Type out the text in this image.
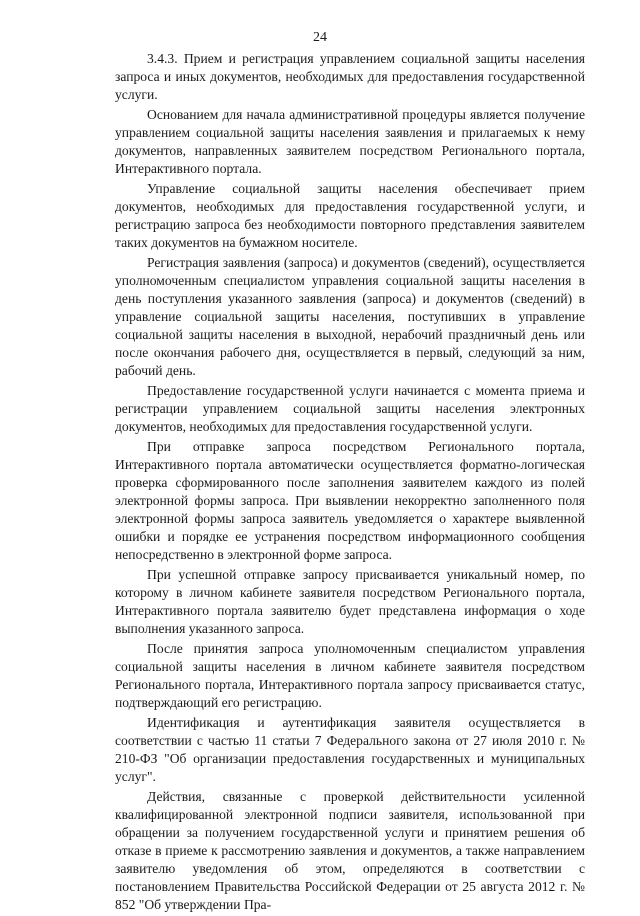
24

3.4.3. Прием и регистрация управлением социальной защиты населения запроса и иных документов, необходимых для предоставления государственной услуги.

Основанием для начала административной процедуры является получение управлением социальной защиты населения заявления и прилагаемых к нему документов, направленных заявителем посредством Регионального портала, Интерактивного портала.

Управление социальной защиты населения обеспечивает прием документов, необходимых для предоставления государственной услуги, и регистрацию запроса без необходимости повторного представления заявителем таких документов на бумажном носителе.

Регистрация заявления (запроса) и документов (сведений), осуществляется уполномоченным специалистом управления социальной защиты населения в день поступления указанного заявления (запроса) и документов (сведений) в управление социальной защиты населения, поступивших в управление социальной защиты населения в выходной, нерабочий праздничный день или после окончания рабочего дня, осуществляется в первый, следующий за ним, рабочий день.

Предоставление государственной услуги начинается с момента приема и регистрации управлением социальной защиты населения электронных документов, необходимых для предоставления государственной услуги.

При отправке запроса посредством Регионального портала, Интерактивного портала автоматически осуществляется форматно-логическая проверка сформированного после заполнения заявителем каждого из полей электронной формы запроса. При выявлении некорректно заполненного поля электронной формы запроса заявитель уведомляется о характере выявленной ошибки и порядке ее устранения посредством информационного сообщения непосредственно в электронной форме запроса.

При успешной отправке запросу присваивается уникальный номер, по которому в личном кабинете заявителя посредством Регионального портала, Интерактивного портала заявителю будет представлена информация о ходе выполнения указанного запроса.

После принятия запроса уполномоченным специалистом управления социальной защиты населения в личном кабинете заявителя посредством Регионального портала, Интерактивного портала запросу присваивается статус, подтверждающий его регистрацию.

Идентификация и аутентификация заявителя осуществляется в соответствии с частью 11 статьи 7 Федерального закона от 27 июля 2010 г. № 210-ФЗ "Об организации предоставления государственных и муниципальных услуг".

Действия, связанные с проверкой действительности усиленной квалифицированной электронной подписи заявителя, использованной при обращении за получением государственной услуги и принятием решения об отказе в приеме к рассмотрению заявления и документов, а также направлением заявителю уведомления об этом, определяются в соответствии с постановлением Правительства Российской Федерации от 25 августа 2012 г. № 852 "Об утверждении Пра-
